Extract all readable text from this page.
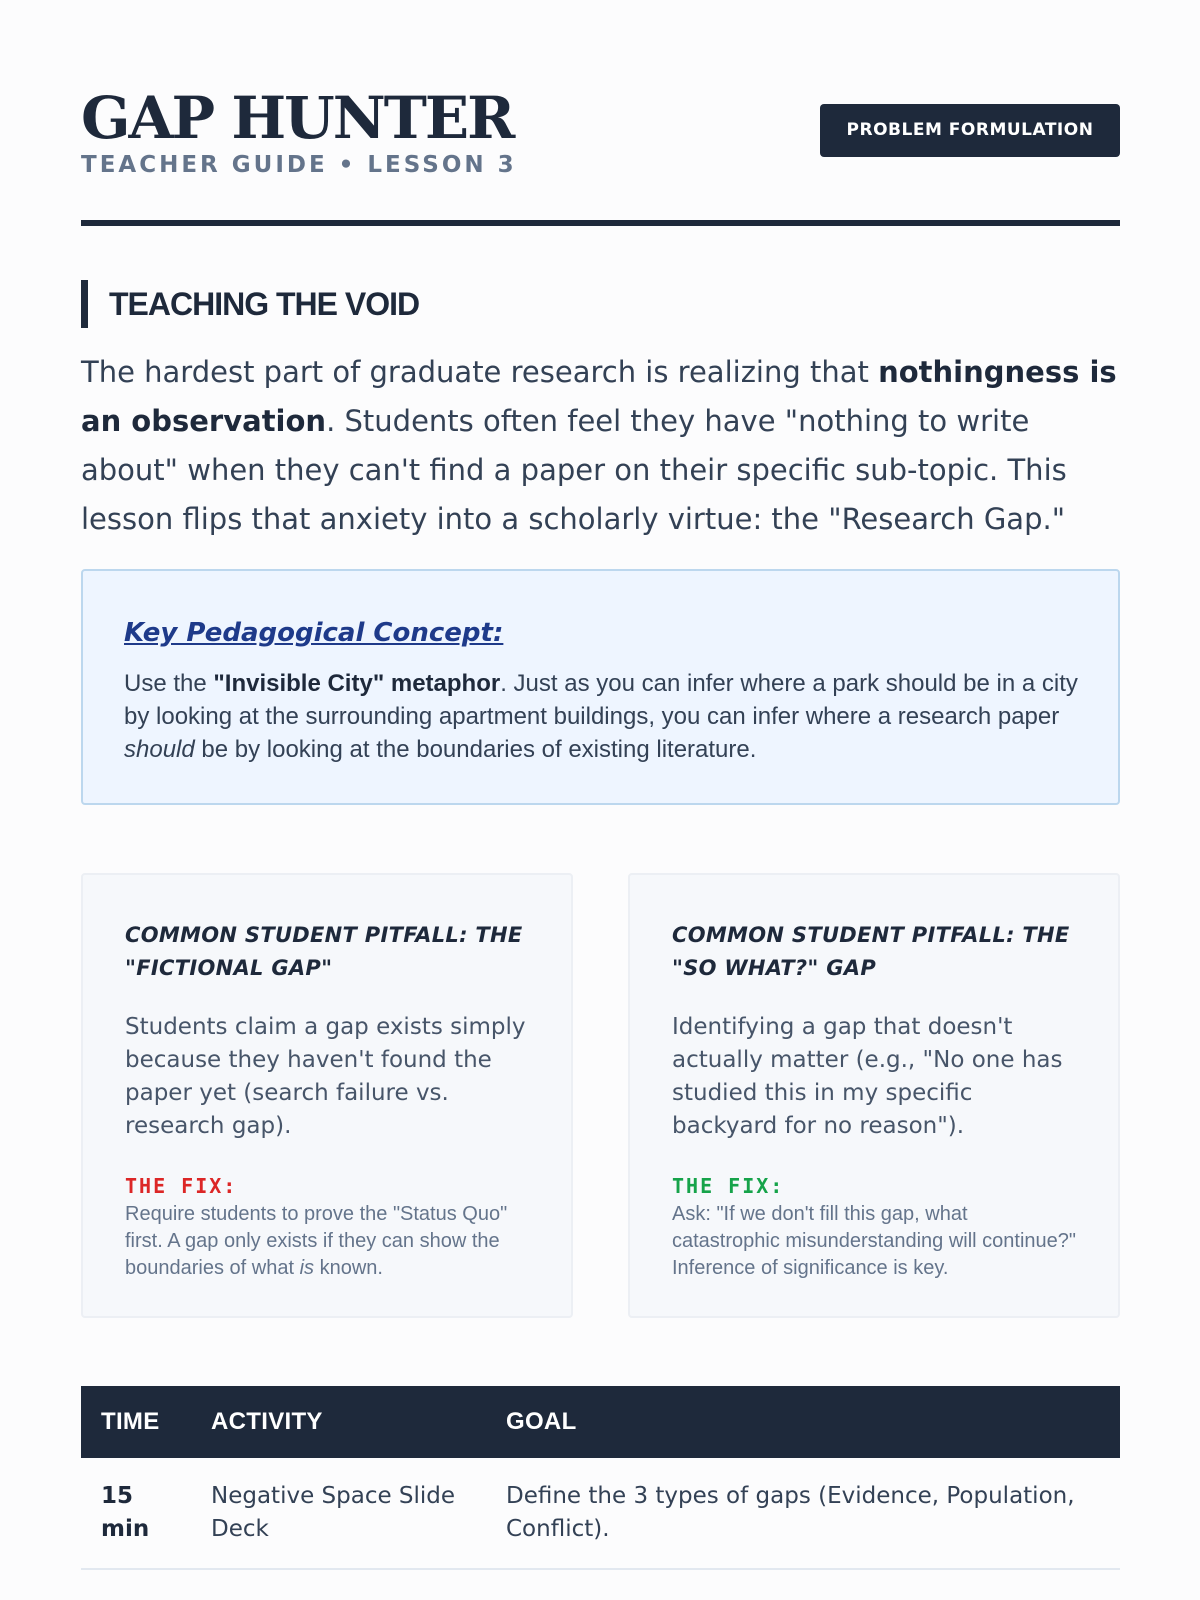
GAP HUNTER
TEACHER GUIDE • LESSON 3
PROBLEM FORMULATION
TEACHING THE VOID

The hardest part of graduate research is realizing that nothingness is an observation. Students often feel they have "nothing to write about" when they can't find a paper on their specific sub-topic. This lesson flips that anxiety into a scholarly virtue: the "Research Gap."

Key Pedagogical Concept:

Use the "Invisible City" metaphor. Just as you can infer where a park should be in a city by looking at the surrounding apartment buildings, you can infer where a research paper should be by looking at the boundaries of existing literature.

COMMON STUDENT PITFALL: THE "FICTIONAL GAP"

Students claim a gap exists simply because they haven't found the paper yet (search failure vs. research gap).

THE FIX:

Require students to prove the "Status Quo" first. A gap only exists if they can show the boundaries of what is known.

COMMON STUDENT PITFALL: THE "SO WHAT?" GAP

Identifying a gap that doesn't actually matter (e.g., "No one has studied this in my specific backyard for no reason").

THE FIX:

Ask: "If we don't fill this gap, what catastrophic misunderstanding will continue?" Inference of significance is key.

TIME	ACTIVITY	GOAL
15 min	Negative Space Slide Deck	Define the 3 types of gaps (Evidence, Population, Conflict).
